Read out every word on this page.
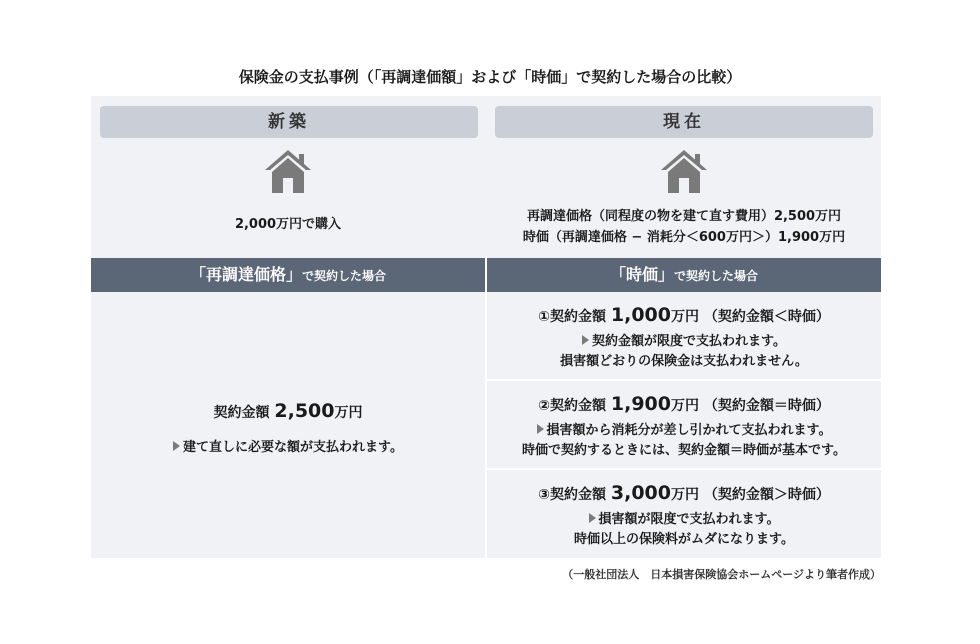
保険金の支払事例（「再調達価額」および「時価」で契約した場合の比較）
新築
2,000万円で購入
現在
再調達価格（同程度の物を建て直す費用）2,500万円
時価（再調達価格 − 消耗分＜600万円＞）1,900万円
「再調達価格」で契約した場合	「時価」で契約した場合
契約金額 2,500万円
建て直しに必要な額が支払われます。
①契約金額 1,000万円 （契約金額＜時価）
契約金額が限度で支払われます。
損害額どおりの保険金は支払われません。
②契約金額 1,900万円 （契約金額＝時価）
損害額から消耗分が差し引かれて支払われます。
時価で契約するときには、契約金額＝時価が基本です。
③契約金額 3,000万円 （契約金額＞時価）
損害額が限度で支払われます。
時価以上の保険料がムダになります。
（一般社団法人　日本損害保険協会ホームページより筆者作成）
